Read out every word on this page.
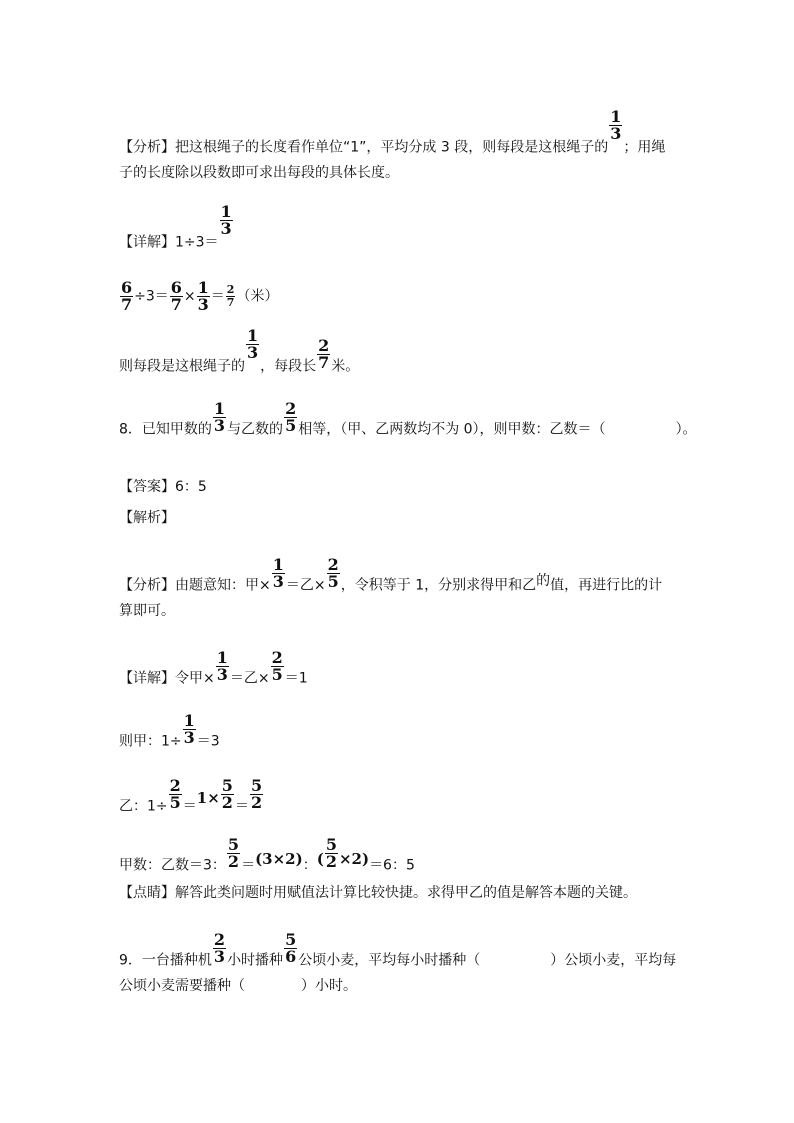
【分析】把这根绳子的长度看作单位“1”，平均分成 3 段，则每段是这根绳子的
$\frac{1}{3}$
；用绳
子的长度除以段数即可求出每段的具体长度。
【详解】1÷3＝
$\frac{1}{3}$
$\frac{6}{7} \div 3= \frac{6}{7} \times \frac{1}{3} = \frac{2}{7}$ （米）
则每段是这根绳子的
$\frac{1}{3}$
，每段长 $\frac{2}{7}$ 米。
8．已知甲数的 $\frac{1}{3}$ 与乙数的 $\frac{2}{5}$ 相等，（甲、乙两数均不为 0），则甲数：乙数＝（	）。
【答案】6：5
【解析】
【分析】由题意知：甲× $\frac{1}{3}$ ＝乙× $\frac{2}{5}$ ，令积等于 1，分别求得甲和乙的值，再进行比的计
算即可。
【详解】令甲× $\frac{1}{3}$ ＝乙× $\frac{2}{5} =1$
则甲：$1\div \frac{1}{3} =3$
乙：$1\div \frac{2}{5} =1\times \frac{5}{2} = \frac{5}{2}$
甲数：乙数＝3： $\frac{5}{2} =(3\times 2)$：( $\frac{5}{2} \times 2)=6$：5
【点睛】解答此类问题时用赋值法计算比较快捷。求得甲乙的值是解答本题的关键。
9．一台播种机 $\frac{2}{3}$ 小时播种 $\frac{5}{6}$ 公顷小麦，平均每小时播种（	）公顷小麦，平均每
公顷小麦需要播种（	）小时。
